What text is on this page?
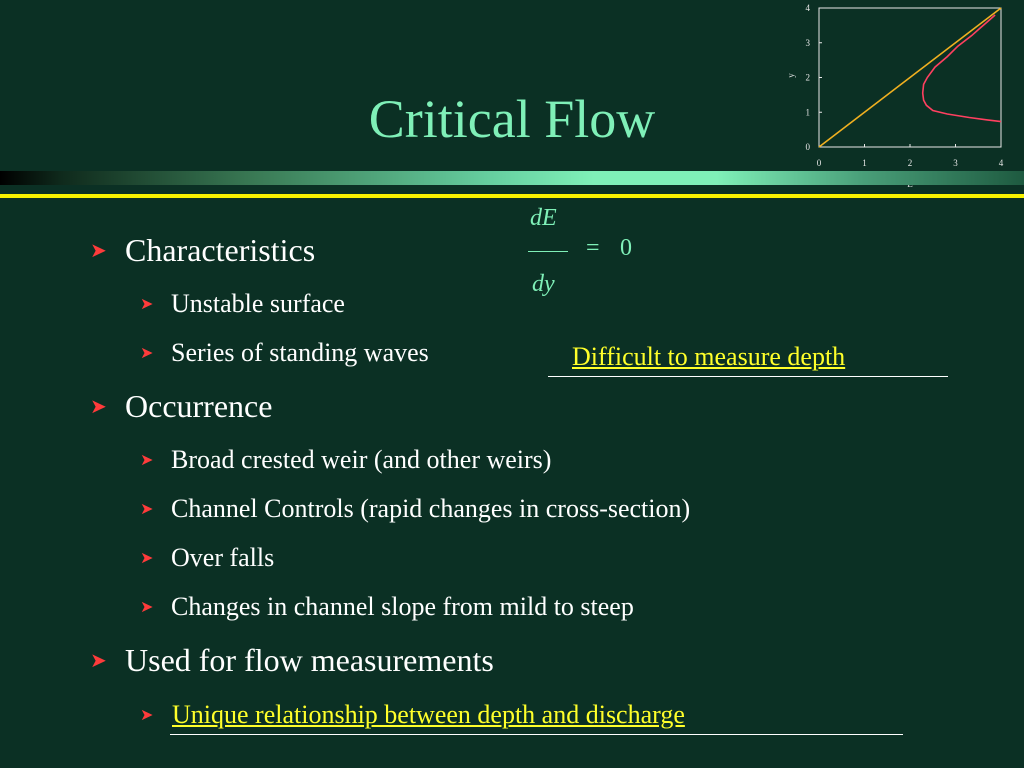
0	1	2	3	4
0
1
2
3
4
y
Critical Flow
dE
dy
= 0
➤ Characteristics
➤ Unstable surface
➤ Series of standing waves	Difficult to measure depth
➤ Occurrence
➤ Broad crested weir (and other weirs)
➤ Channel Controls (rapid changes in cross-section)
➤ Over falls
➤ Changes in channel slope from mild to steep
➤ Used for flow measurements
➤ Unique relationship between depth and discharge
